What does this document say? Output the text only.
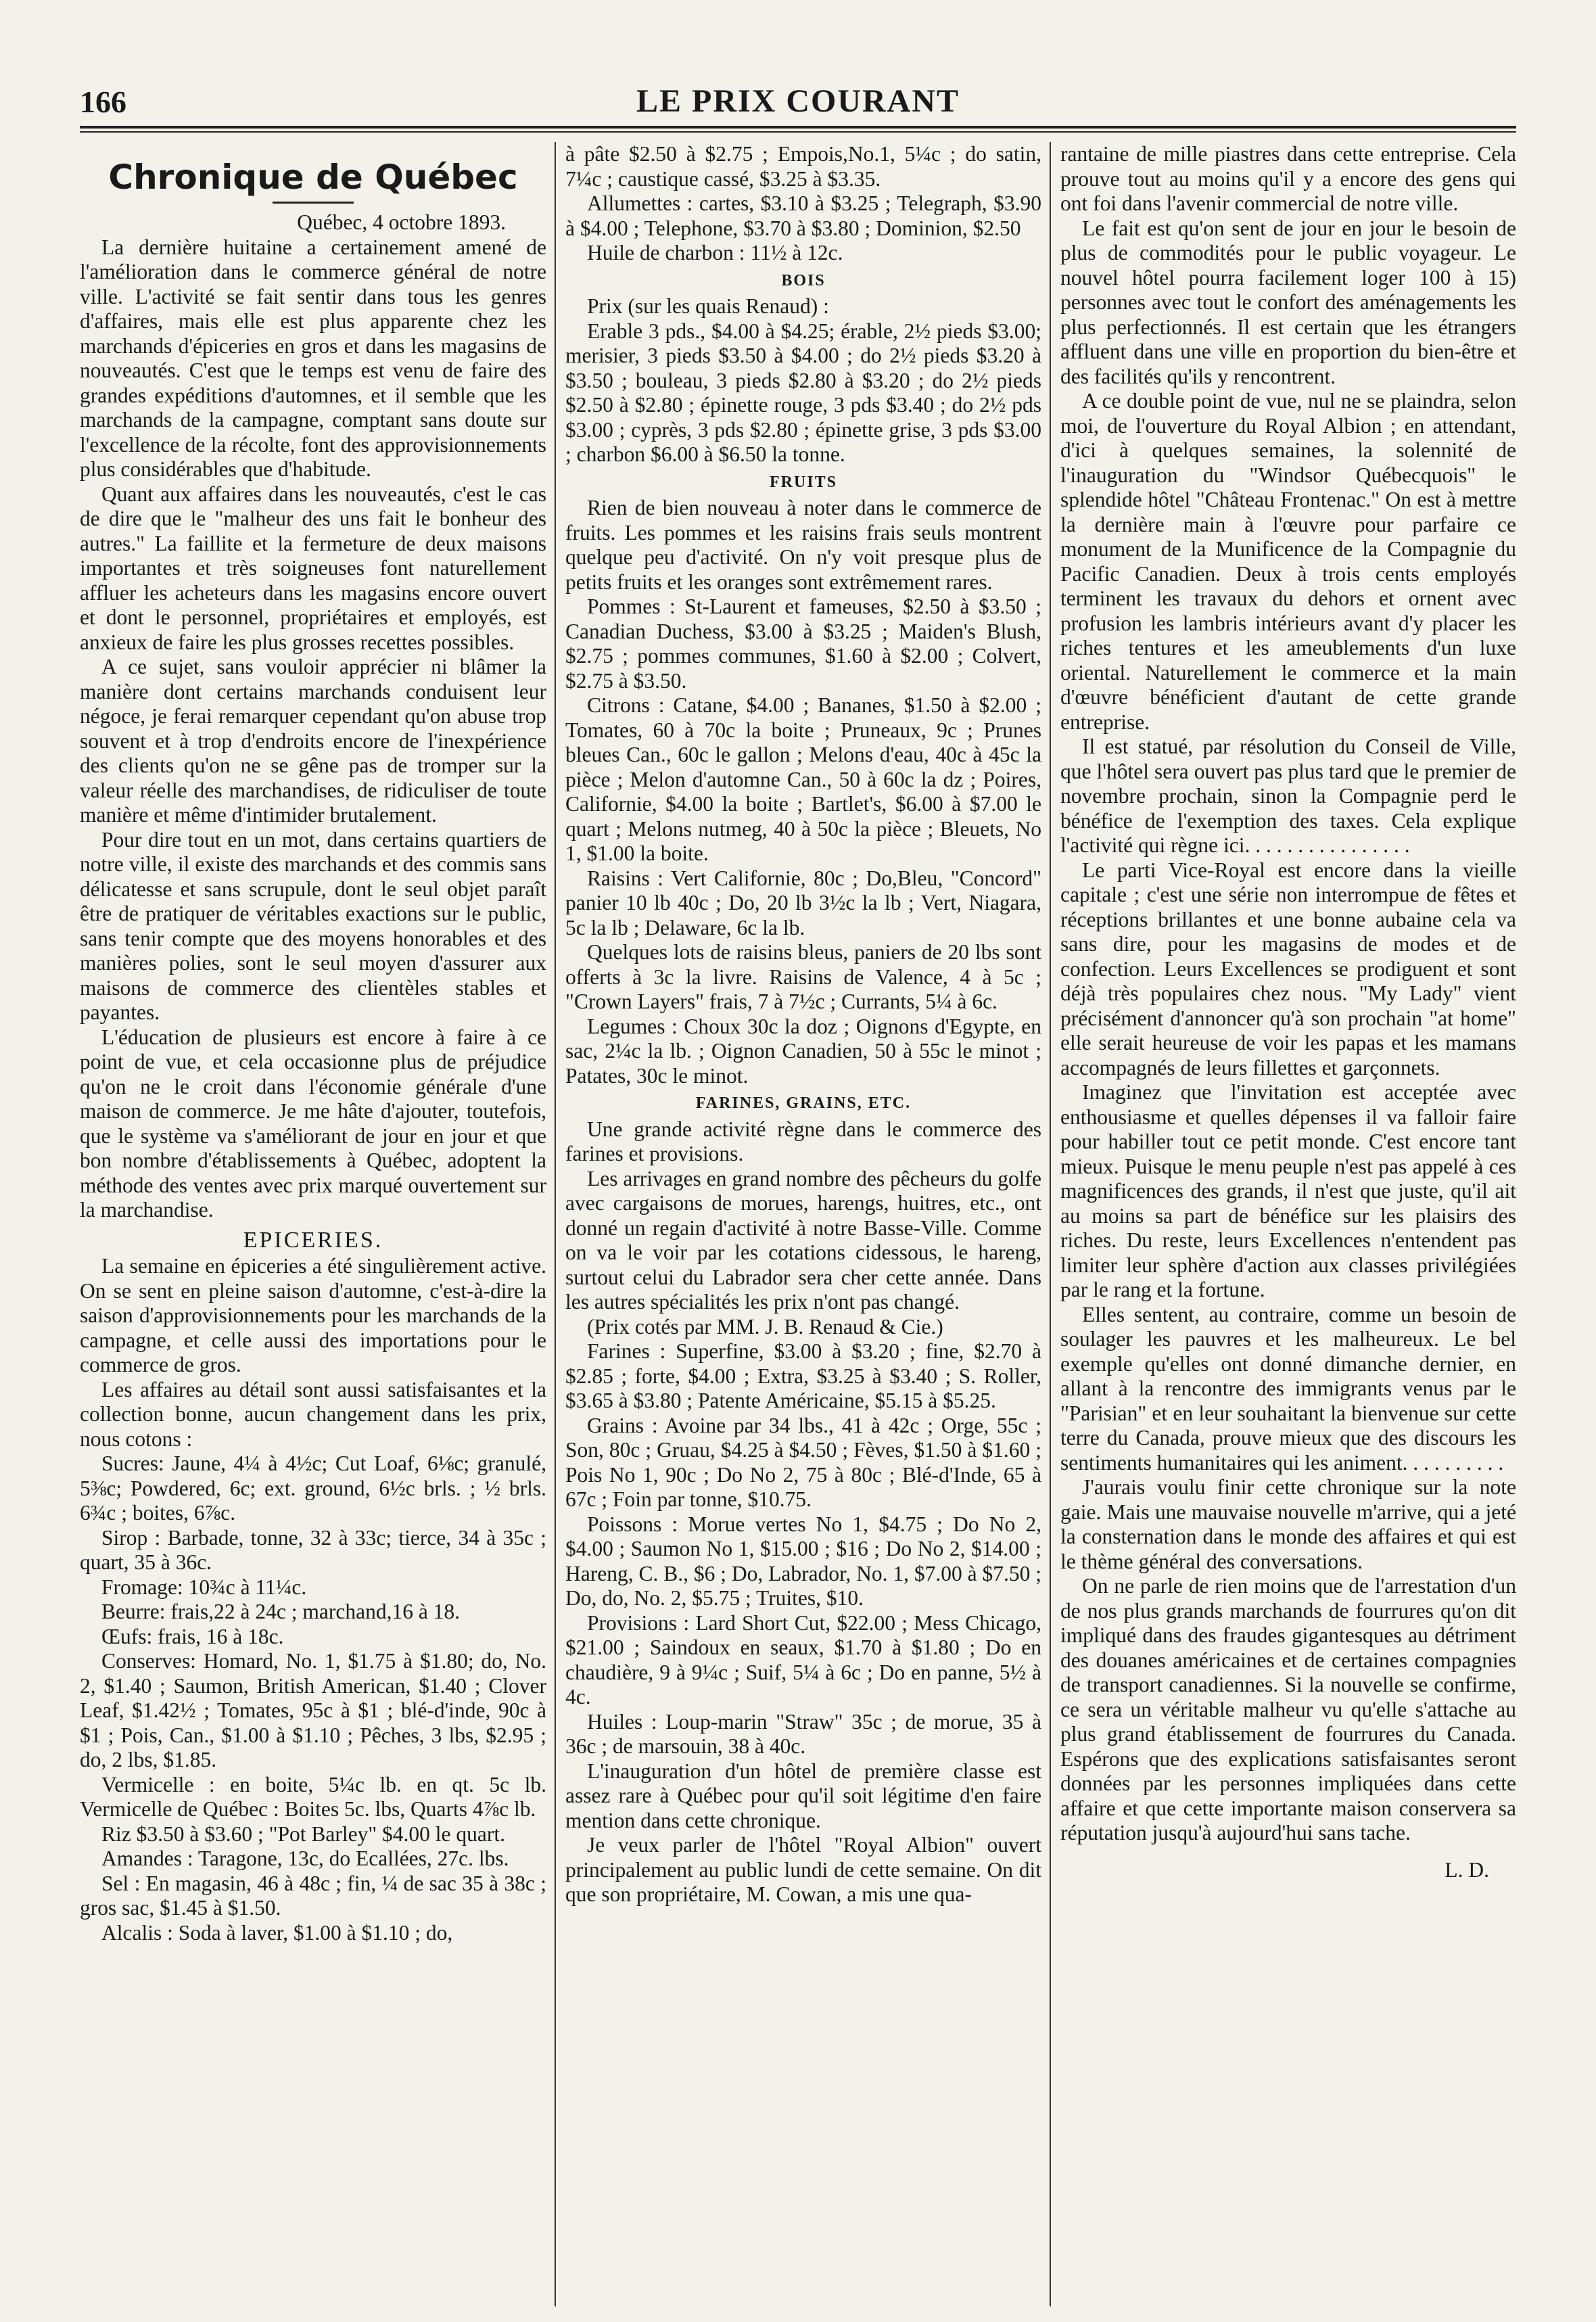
166	LE PRIX COURANT
Chronique de Québec

Québec, 4 octobre 1893.

La dernière huitaine a certainement amené de l'amélioration dans le commerce général de notre ville. L'activité se fait sentir dans tous les genres d'affaires, mais elle est plus apparente chez les marchands d'épiceries en gros et dans les magasins de nouveautés. C'est que le temps est venu de faire des grandes expéditions d'automnes, et il semble que les marchands de la campagne, comptant sans doute sur l'excellence de la récolte, font des approvisionnements plus considérables que d'habitude.

Quant aux affaires dans les nouveautés, c'est le cas de dire que le "malheur des uns fait le bonheur des autres." La faillite et la fermeture de deux maisons importantes et très soigneuses font naturellement affluer les acheteurs dans les magasins encore ouvert et dont le personnel, propriétaires et employés, est anxieux de faire les plus grosses recettes possibles.

A ce sujet, sans vouloir apprécier ni blâmer la manière dont certains marchands conduisent leur négoce, je ferai remarquer cependant qu'on abuse trop souvent et à trop d'endroits encore de l'inexpérience des clients qu'on ne se gêne pas de tromper sur la valeur réelle des marchandises, de ridiculiser de toute manière et même d'intimider brutalement.

Pour dire tout en un mot, dans certains quartiers de notre ville, il existe des marchands et des commis sans délicatesse et sans scrupule, dont le seul objet paraît être de pratiquer de véritables exactions sur le public, sans tenir compte que des moyens honorables et des manières polies, sont le seul moyen d'assurer aux maisons de commerce des clientèles stables et payantes.

L'éducation de plusieurs est encore à faire à ce point de vue, et cela occasionne plus de préjudice qu'on ne le croit dans l'économie générale d'une maison de commerce. Je me hâte d'ajouter, toutefois, que le système va s'améliorant de jour en jour et que bon nombre d'établissements à Québec, adoptent la méthode des ventes avec prix marqué ouvertement sur la marchandise.

EPICERIES.

La semaine en épiceries a été singulièrement active. On se sent en pleine saison d'automne, c'est-à-dire la saison d'approvisionnements pour les marchands de la campagne, et celle aussi des importations pour le commerce de gros.

Les affaires au détail sont aussi satisfaisantes et la collection bonne, aucun changement dans les prix, nous cotons :

Sucres: Jaune, 4¼ à 4½c; Cut Loaf, 6⅛c; granulé, 5⅜c; Powdered, 6c; ext. ground, 6½c brls. ; ½ brls. 6¾c ; boites, 6⅞c.

Sirop : Barbade, tonne, 32 à 33c; tierce, 34 à 35c ; quart, 35 à 36c.

Fromage: 10¾c à 11¼c.

Beurre: frais,22 à 24c ; marchand,16 à 18.

Œufs: frais, 16 à 18c.

Conserves: Homard, No. 1, $1.75 à $1.80; do, No. 2, $1.40 ; Saumon, British American, $1.40 ; Clover Leaf, $1.42½ ; Tomates, 95c à $1 ; blé-d'inde, 90c à $1 ; Pois, Can., $1.00 à $1.10 ; Pêches, 3 lbs, $2.95 ; do, 2 lbs, $1.85.

Vermicelle : en boite, 5¼c lb. en qt. 5c lb. Vermicelle de Québec : Boites 5c. lbs, Quarts 4⅞c lb.

Riz $3.50 à $3.60 ; "Pot Barley" $4.00 le quart.

Amandes : Taragone, 13c, do Ecallées, 27c. lbs.

Sel : En magasin, 46 à 48c ; fin, ¼ de sac 35 à 38c ; gros sac, $1.45 à $1.50.

Alcalis : Soda à laver, $1.00 à $1.10 ; do,

à pâte $2.50 à $2.75 ; Empois,No.1, 5¼c ; do satin, 7¼c ; caustique cassé, $3.25 à $3.35.

Allumettes : cartes, $3.10 à $3.25 ; Telegraph, $3.90 à $4.00 ; Telephone, $3.70 à $3.80 ; Dominion, $2.50

Huile de charbon : 11½ à 12c.

BOIS

Prix (sur les quais Renaud) :

Erable 3 pds., $4.00 à $4.25; érable, 2½ pieds $3.00; merisier, 3 pieds $3.50 à $4.00 ; do 2½ pieds $3.20 à $3.50 ; bouleau, 3 pieds $2.80 à $3.20 ; do 2½ pieds $2.50 à $2.80 ; épinette rouge, 3 pds $3.40 ; do 2½ pds $3.00 ; cyprès, 3 pds $2.80 ; épinette grise, 3 pds $3.00 ; charbon $6.00 à $6.50 la tonne.

FRUITS

Rien de bien nouveau à noter dans le commerce de fruits. Les pommes et les raisins frais seuls montrent quelque peu d'activité. On n'y voit presque plus de petits fruits et les oranges sont extrêmement rares.

Pommes : St-Laurent et fameuses, $2.50 à $3.50 ; Canadian Duchess, $3.00 à $3.25 ; Maiden's Blush, $2.75 ; pommes communes, $1.60 à $2.00 ; Colvert, $2.75 à $3.50.

Citrons : Catane, $4.00 ; Bananes, $1.50 à $2.00 ; Tomates, 60 à 70c la boite ; Pruneaux, 9c ; Prunes bleues Can., 60c le gallon ; Melons d'eau, 40c à 45c la pièce ; Melon d'automne Can., 50 à 60c la dz ; Poires, Californie, $4.00 la boite ; Bartlet's, $6.00 à $7.00 le quart ; Melons nutmeg, 40 à 50c la pièce ; Bleuets, No 1, $1.00 la boite.

Raisins : Vert Californie, 80c ; Do,Bleu, "Concord" panier 10 lb 40c ; Do, 20 lb 3½c la lb ; Vert, Niagara, 5c la lb ; Delaware, 6c la lb.

Quelques lots de raisins bleus, paniers de 20 lbs sont offerts à 3c la livre. Raisins de Valence, 4 à 5c ; "Crown Layers" frais, 7 à 7½c ; Currants, 5¼ à 6c.

Legumes : Choux 30c la doz ; Oignons d'Egypte, en sac, 2¼c la lb. ; Oignon Canadien, 50 à 55c le minot ; Patates, 30c le minot.

FARINES, GRAINS, ETC.

Une grande activité règne dans le commerce des farines et provisions.

Les arrivages en grand nombre des pêcheurs du golfe avec cargaisons de morues, harengs, huitres, etc., ont donné un regain d'activité à notre Basse-Ville. Comme on va le voir par les cotations cidessous, le hareng, surtout celui du Labrador sera cher cette année. Dans les autres spécialités les prix n'ont pas changé.

(Prix cotés par MM. J. B. Renaud & Cie.)

Farines : Superfine, $3.00 à $3.20 ; fine, $2.70 à $2.85 ; forte, $4.00 ; Extra, $3.25 à $3.40 ; S. Roller, $3.65 à $3.80 ; Patente Américaine, $5.15 à $5.25.

Grains : Avoine par 34 lbs., 41 à 42c ; Orge, 55c ; Son, 80c ; Gruau, $4.25 à $4.50 ; Fèves, $1.50 à $1.60 ; Pois No 1, 90c ; Do No 2, 75 à 80c ; Blé-d'Inde, 65 à 67c ; Foin par tonne, $10.75.

Poissons : Morue vertes No 1, $4.75 ; Do No 2, $4.00 ; Saumon No 1, $15.00 ; $16 ; Do No 2, $14.00 ; Hareng, C. B., $6 ; Do, Labrador, No. 1, $7.00 à $7.50 ; Do, do, No. 2, $5.75 ; Truites, $10.

Provisions : Lard Short Cut, $22.00 ; Mess Chicago, $21.00 ; Saindoux en seaux, $1.70 à $1.80 ; Do en chaudière, 9 à 9¼c ; Suif, 5¼ à 6c ; Do en panne, 5½ à 4c.

Huiles : Loup-marin "Straw" 35c ; de morue, 35 à 36c ; de marsouin, 38 à 40c.

L'inauguration d'un hôtel de première classe est assez rare à Québec pour qu'il soit légitime d'en faire mention dans cette chronique.

Je veux parler de l'hôtel "Royal Albion" ouvert principalement au public lundi de cette semaine. On dit que son propriétaire, M. Cowan, a mis une qua-

rantaine de mille piastres dans cette entreprise. Cela prouve tout au moins qu'il y a encore des gens qui ont foi dans l'avenir commercial de notre ville.

Le fait est qu'on sent de jour en jour le besoin de plus de commodités pour le public voyageur. Le nouvel hôtel pourra facilement loger 100 à 15) personnes avec tout le confort des aménagements les plus perfectionnés. Il est certain que les étrangers affluent dans une ville en proportion du bien-être et des facilités qu'ils y rencontrent.

A ce double point de vue, nul ne se plaindra, selon moi, de l'ouverture du Royal Albion ; en attendant, d'ici à quelques semaines, la solennité de l'inauguration du "Windsor Québecquois" le splendide hôtel "Château Frontenac." On est à mettre la dernière main à l'œuvre pour parfaire ce monument de la Munificence de la Compagnie du Pacific Canadien. Deux à trois cents employés terminent les travaux du dehors et ornent avec profusion les lambris intérieurs avant d'y placer les riches tentures et les ameublements d'un luxe oriental. Naturellement le commerce et la main d'œuvre bénéficient d'autant de cette grande entreprise.

Il est statué, par résolution du Conseil de Ville, que l'hôtel sera ouvert pas plus tard que le premier de novembre prochain, sinon la Compagnie perd le bénéfice de l'exemption des taxes. Cela explique l'activité qui règne ici. . . . . . . . . . . . . . . .

Le parti Vice-Royal est encore dans la vieille capitale ; c'est une série non interrompue de fêtes et réceptions brillantes et une bonne aubaine cela va sans dire, pour les magasins de modes et de confection. Leurs Excellences se prodiguent et sont déjà très populaires chez nous. "My Lady" vient précisément d'annoncer qu'à son prochain "at home" elle serait heureuse de voir les papas et les mamans accompagnés de leurs fillettes et garçonnets.

Imaginez que l'invitation est acceptée avec enthousiasme et quelles dépenses il va falloir faire pour habiller tout ce petit monde. C'est encore tant mieux. Puisque le menu peuple n'est pas appelé à ces magnificences des grands, il n'est que juste, qu'il ait au moins sa part de bénéfice sur les plaisirs des riches. Du reste, leurs Excellences n'entendent pas limiter leur sphère d'action aux classes privilégiées par le rang et la fortune.

Elles sentent, au contraire, comme un besoin de soulager les pauvres et les malheureux. Le bel exemple qu'elles ont donné dimanche dernier, en allant à la rencontre des immigrants venus par le "Parisian" et en leur souhaitant la bienvenue sur cette terre du Canada, prouve mieux que des discours les sentiments humanitaires qui les animent. . . . . . . . . .

J'aurais voulu finir cette chronique sur la note gaie. Mais une mauvaise nouvelle m'arrive, qui a jeté la consternation dans le monde des affaires et qui est le thème général des conversations.

On ne parle de rien moins que de l'arrestation d'un de nos plus grands marchands de fourrures qu'on dit impliqué dans des fraudes gigantesques au détriment des douanes américaines et de certaines compagnies de transport canadiennes. Si la nouvelle se confirme, ce sera un véritable malheur vu qu'elle s'attache au plus grand établissement de fourrures du Canada. Espérons que des explications satisfaisantes seront données par les personnes impliquées dans cette affaire et que cette importante maison conservera sa réputation jusqu'à aujourd'hui sans tache.

L. D.
